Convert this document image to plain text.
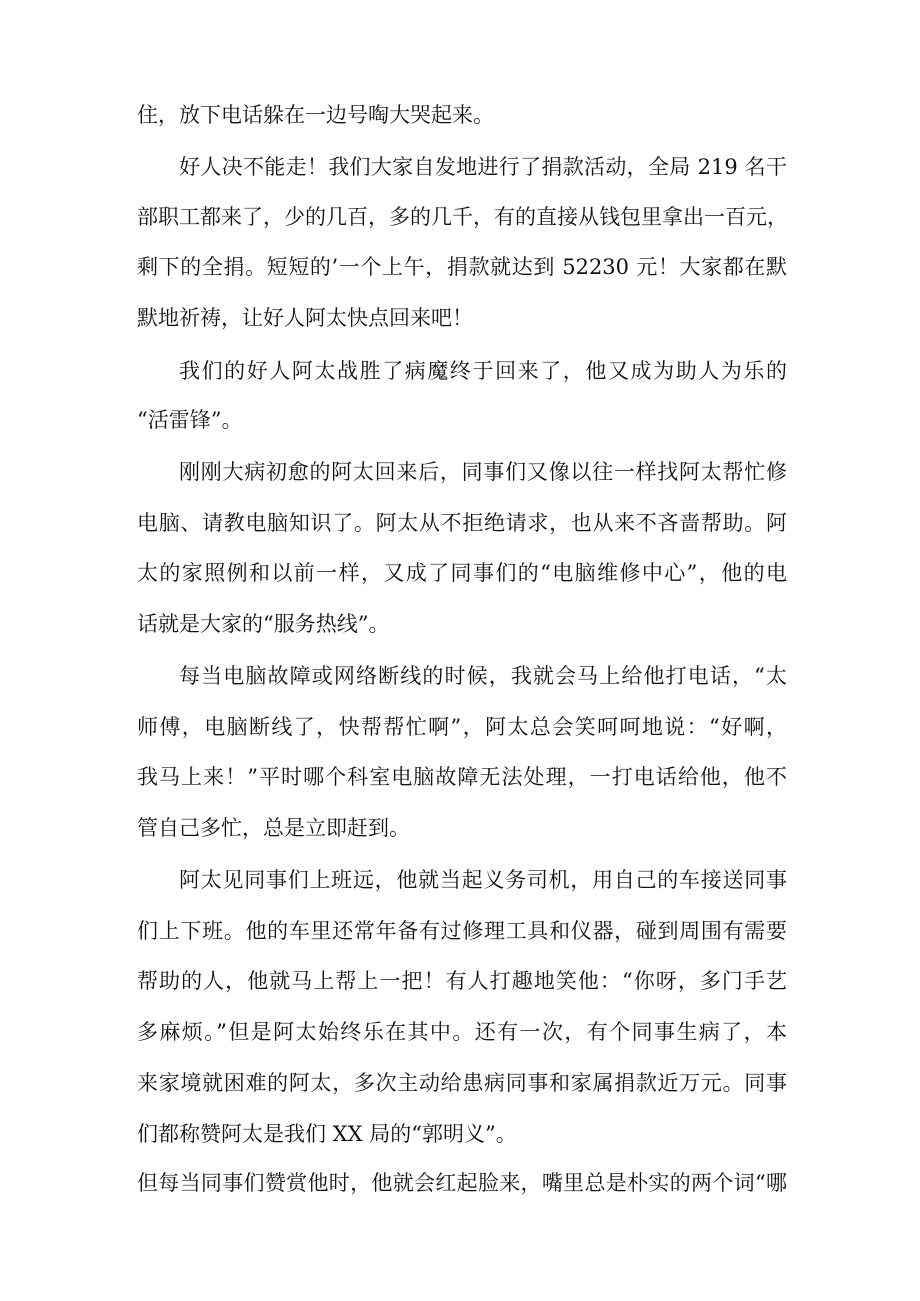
住，放下电话躲在一边号啕大哭起来。
好人决不能走！我们大家自发地进行了捐款活动，全局 219 名干
部职工都来了，少的几百，多的几千，有的直接从钱包里拿出一百元，
剩下的全捐。短短的’一个上午，捐款就达到 52230 元！大家都在默
默地祈祷，让好人阿太快点回来吧！
我们的好人阿太战胜了病魔终于回来了，他又成为助人为乐的
“活雷锋”。
刚刚大病初愈的阿太回来后，同事们又像以往一样找阿太帮忙修
电脑、请教电脑知识了。阿太从不拒绝请求，也从来不吝啬帮助。阿
太的家照例和以前一样，又成了同事们的“电脑维修中心”，他的电
话就是大家的“服务热线”。
每当电脑故障或网络断线的时候，我就会马上给他打电话，“太
师傅，电脑断线了，快帮帮忙啊”，阿太总会笑呵呵地说：“好啊，
我马上来！”平时哪个科室电脑故障无法处理，一打电话给他，他不
管自己多忙，总是立即赶到。
阿太见同事们上班远，他就当起义务司机，用自己的车接送同事
们上下班。他的车里还常年备有过修理工具和仪器，碰到周围有需要
帮助的人，他就马上帮上一把！有人打趣地笑他：“你呀，多门手艺
多麻烦。”但是阿太始终乐在其中。还有一次，有个同事生病了，本
来家境就困难的阿太，多次主动给患病同事和家属捐款近万元。同事
们都称赞阿太是我们 XX 局的“郭明义”。
但每当同事们赞赏他时，他就会红起脸来，嘴里总是朴实的两个词“哪
